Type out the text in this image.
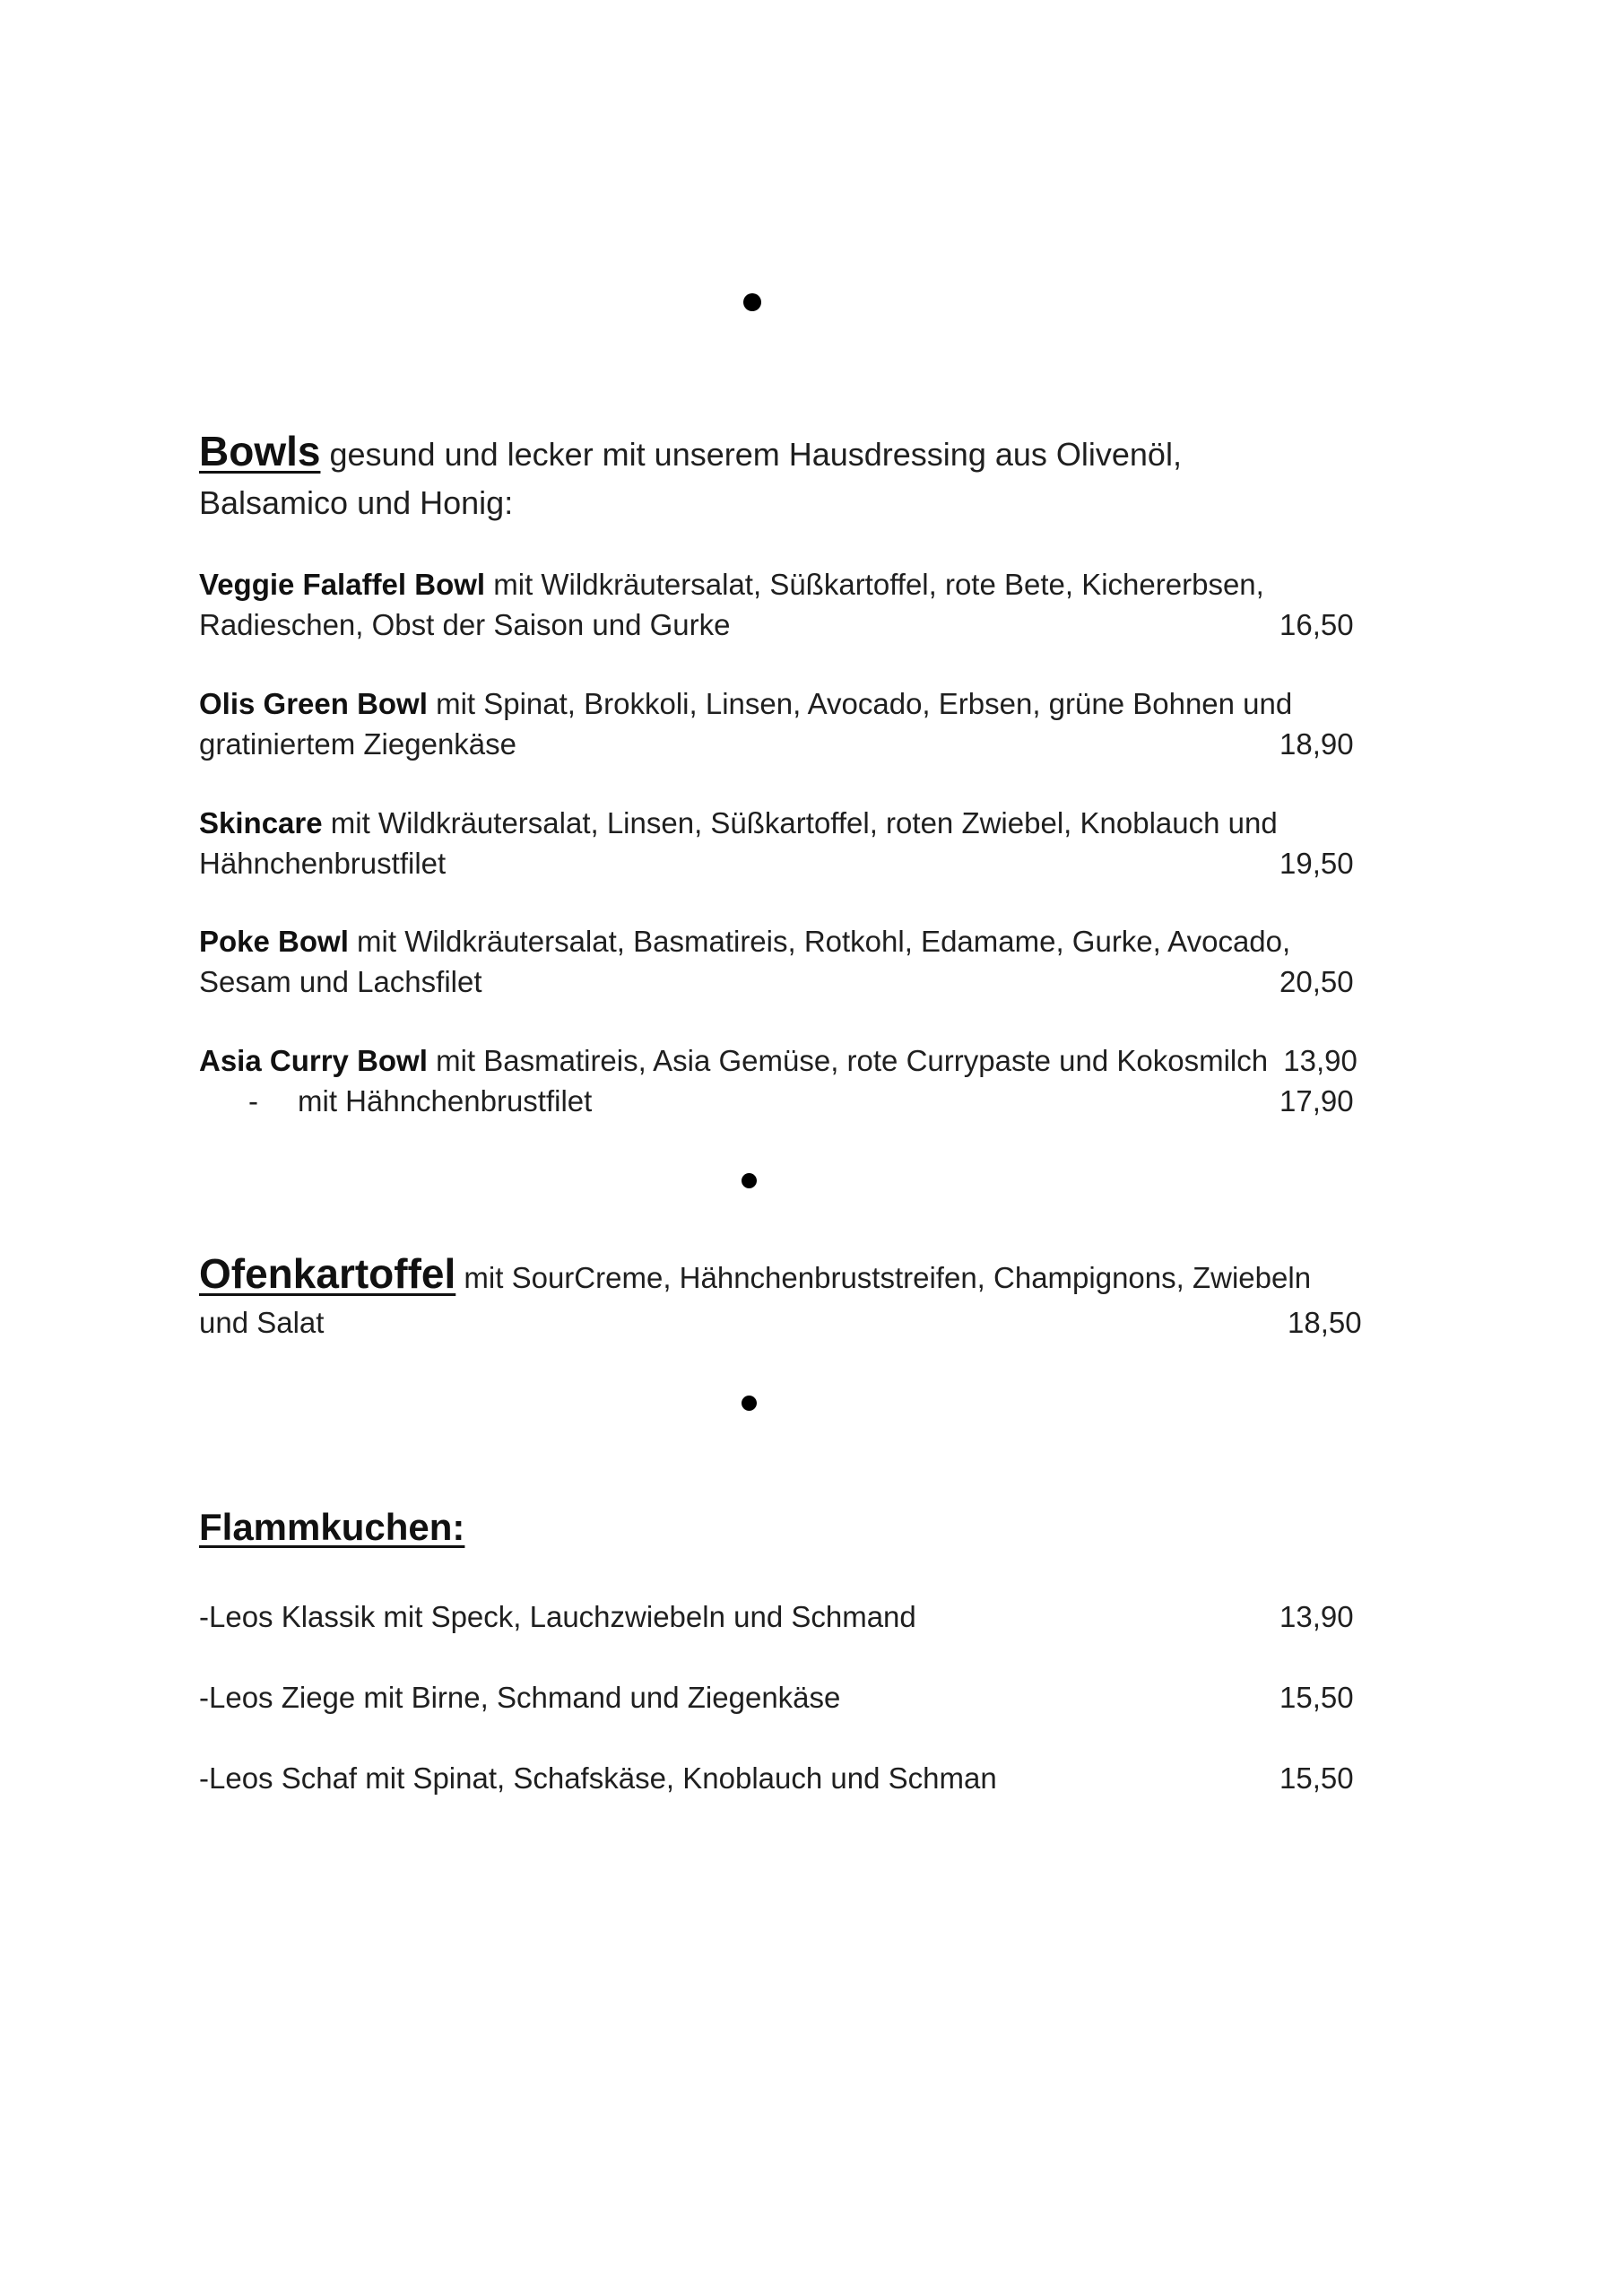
Bowls gesund und lecker mit unserem Hausdressing aus Olivenöl,
Balsamico und Honig:
Veggie Falaffel Bowl mit Wildkräutersalat, Süßkartoffel, rote Bete, Kichererbsen,
Radieschen, Obst der Saison und Gurke	16,50
Olis Green Bowl mit Spinat, Brokkoli, Linsen, Avocado, Erbsen, grüne Bohnen und
gratiniertem Ziegenkäse	18,90
Skincare mit Wildkräutersalat, Linsen, Süßkartoffel, roten Zwiebel, Knoblauch und
Hähnchenbrustfilet	19,50
Poke Bowl mit Wildkräutersalat, Basmatireis, Rotkohl, Edamame, Gurke, Avocado,
Sesam und Lachsfilet	20,50
Asia Curry Bowl mit Basmatireis, Asia Gemüse, rote Currypaste und Kokosmilch 13,90
- mit Hähnchenbrustfilet	17,90
Ofenkartoffel mit SourCreme, Hähnchenbruststreifen, Champignons, Zwiebeln
und Salat	18,50
Flammkuchen:
-Leos Klassik mit Speck, Lauchzwiebeln und Schmand	13,90
-Leos Ziege mit Birne, Schmand und Ziegenkäse	15,50
-Leos Schaf mit Spinat, Schafskäse, Knoblauch und Schman	15,50
